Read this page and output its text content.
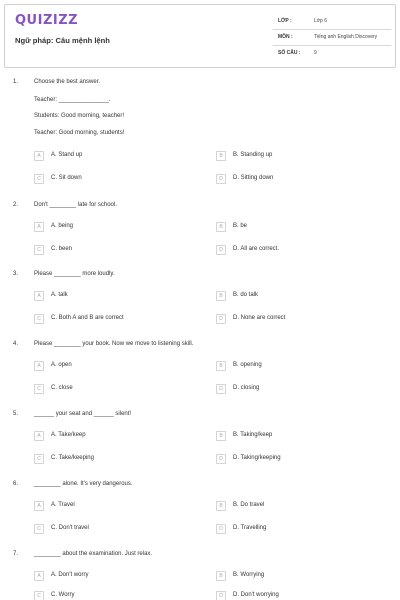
QUIZIZZ
Ngữ pháp: Câu mệnh lệnh
LỚP :	Lớp 6
MÔN :	Tiếng anh English Discovery
SỐ CÂU :	9
1.	Choose the best answer.
Teacher: _______________.
Students: Good morning, teacher!
Teacher: Good morning, students!
A	A. Stand up	B	B. Standing up
C	C. Sit down	D	D. Sitting down
2.	Don't ________ late for school.
A	A. being	B	B. be
C	C. been	D	D. All are correct.
3.	Please ________ more loudly.
A	A. talk	B	B. do talk
C	C. Both A and B are correct	D	D. None are correct
4.	Please ________ your book. Now we move to listening skill.
A	A. open	B	B. opening
C	C. close	D	D. closing
5.	______ your seat and ______ silent!
A	A. Take/keep	B	B. Taking/keep
C	C. Take/keeping	D	D. Taking/keeping
6.	________ alone. It's very dangerous.
A	A. Travel	B	B. Do travel
C	C. Don't travel	D	D. Travelling
7.	________ about the examination. Just relax.
A	A. Don't worry	B	B. Worrying
C	C. Worry	D	D. Don't worrying
